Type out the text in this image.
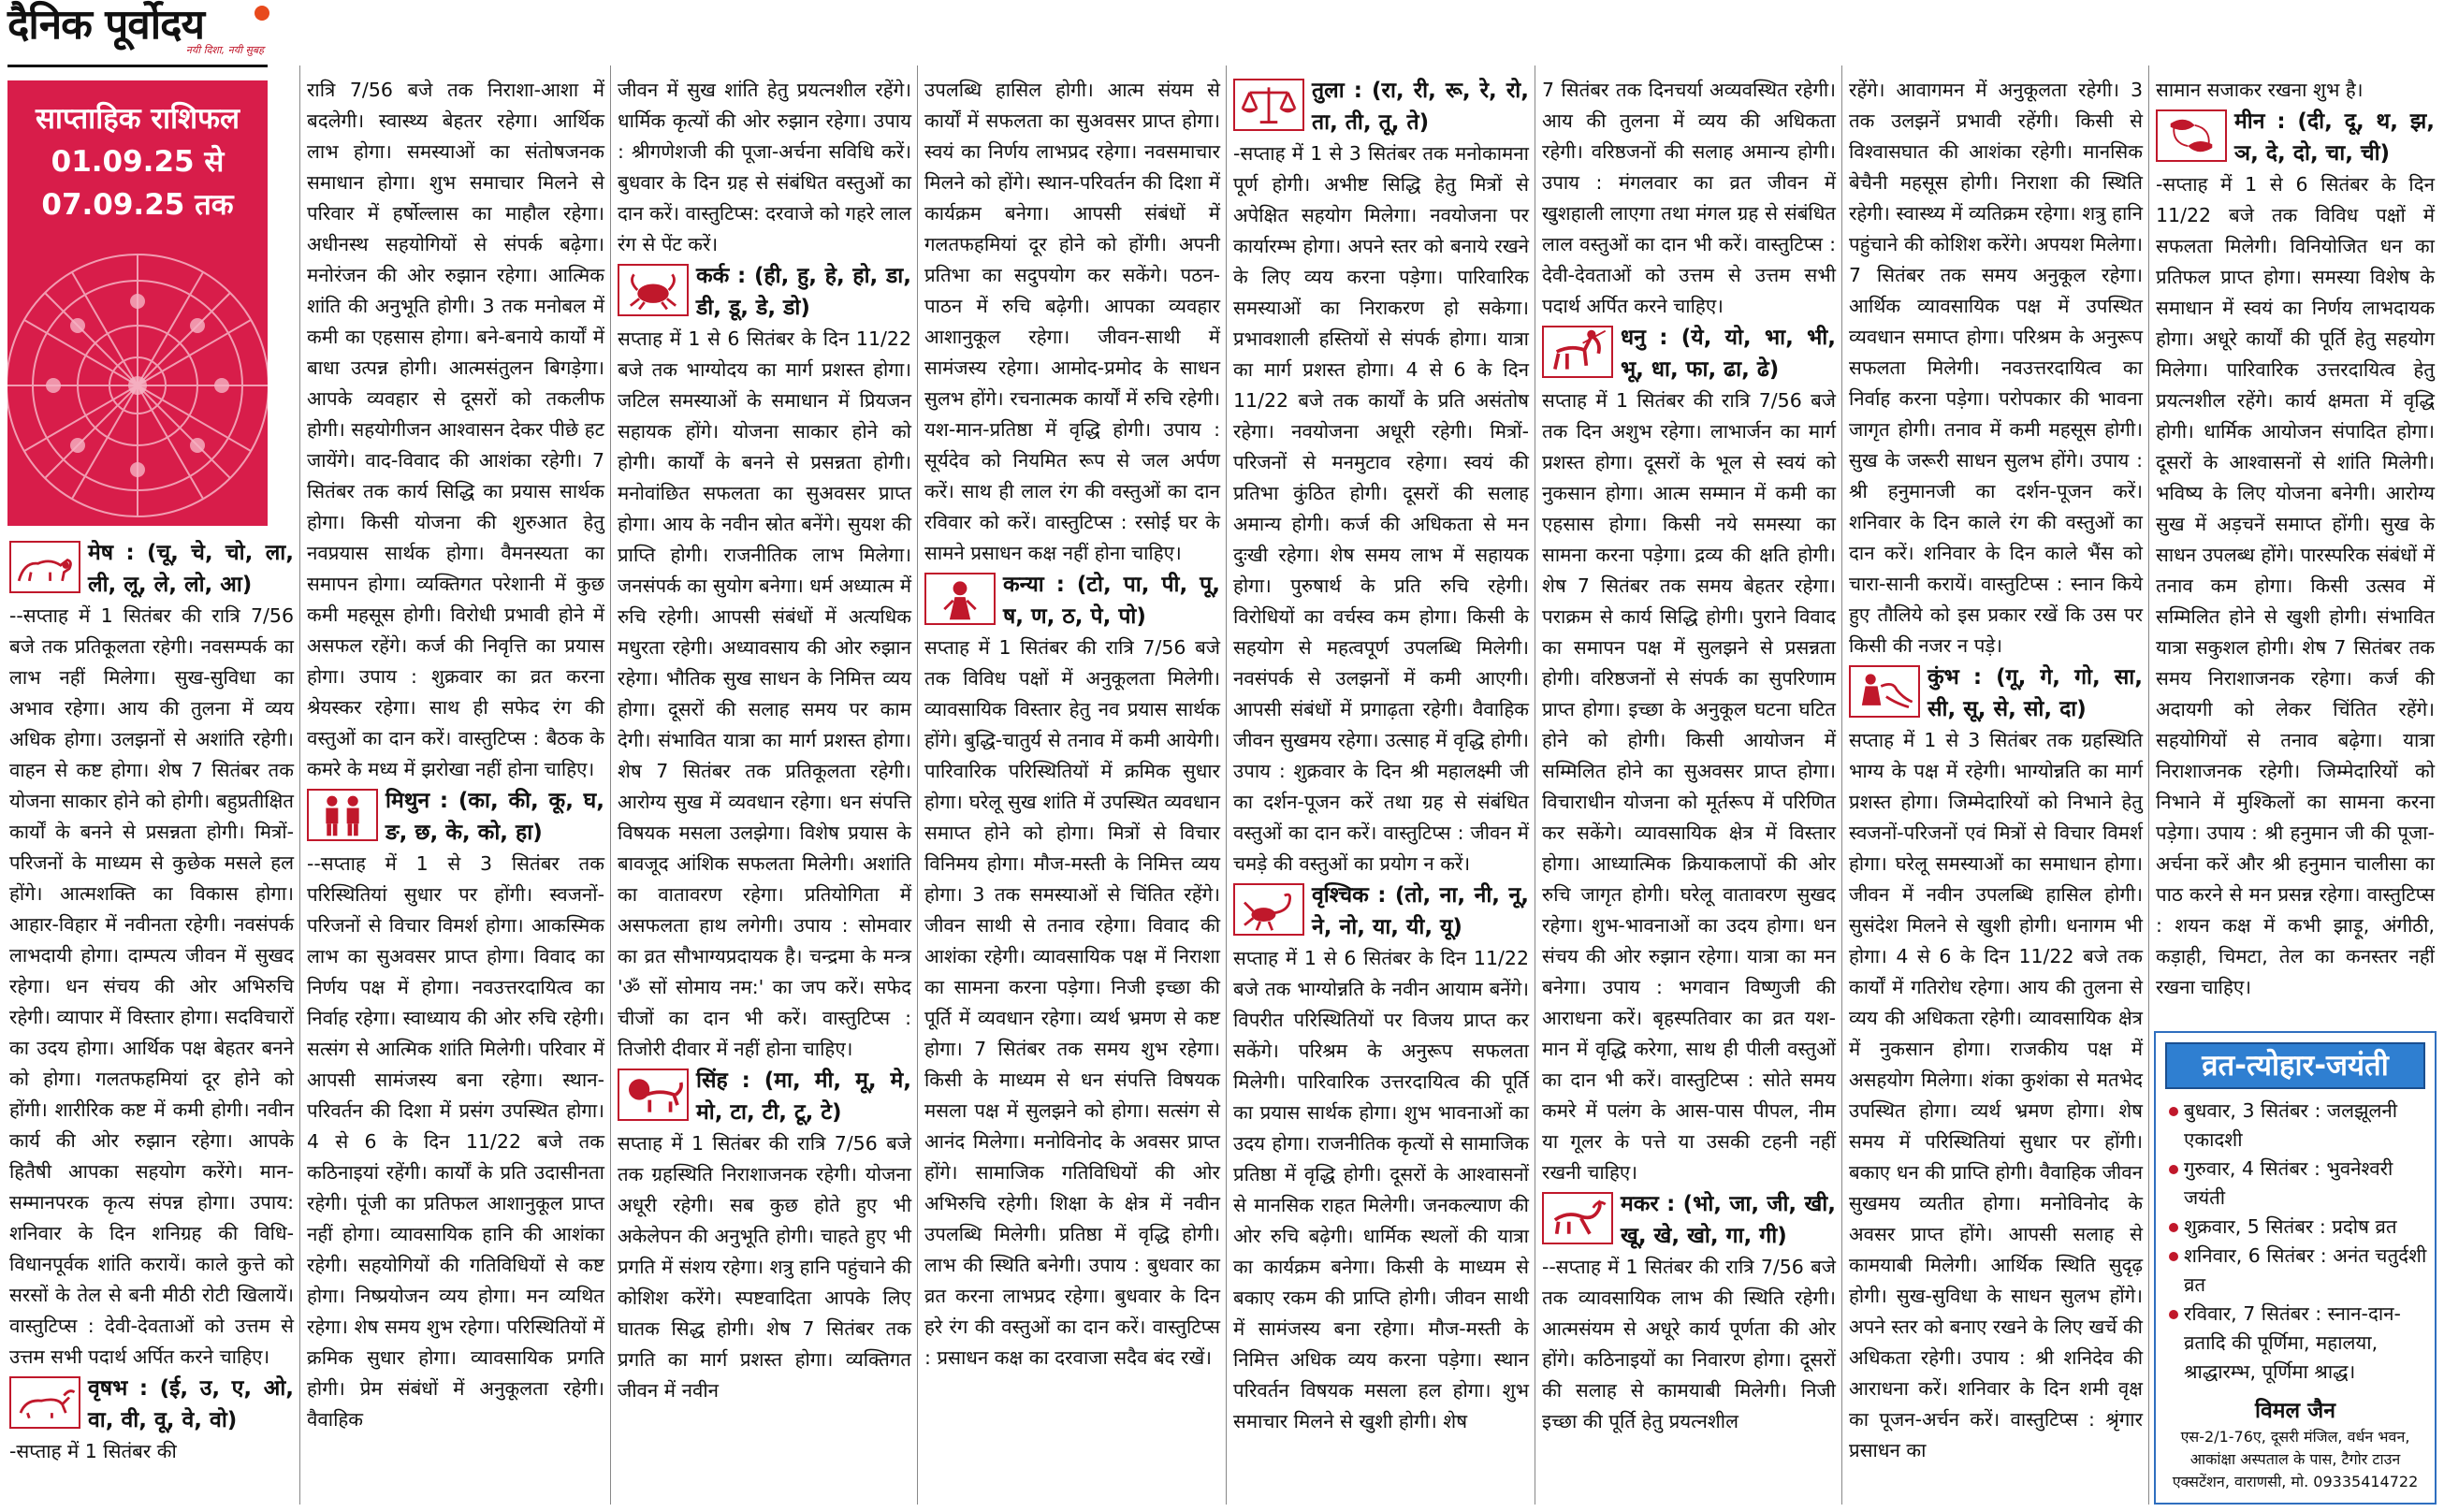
दैनिक पूर्वोदय
नयी दिशा, नयी सुबह
साप्ताहिक राशिफल
01.09.25 से
07.09.25 तक
मेष : (चू, चे, चो, ला, ली, लू, ले, लो, आ)

--सप्ताह में 1 सितंबर की रात्रि 7/56 बजे तक प्रतिकूलता रहेगी। नवसम्पर्क का लाभ नहीं मिलेगा। सुख-सुविधा का अभाव रहेगा। आय की तुलना में व्यय अधिक होगा। उलझनों से अशांति रहेगी। वाहन से कष्ट होगा। शेष 7 सितंबर तक योजना साकार होने को होगी। बहुप्रतीक्षित कार्यों के बनने से प्रसन्नता होगी। मित्रों-परिजनों के माध्यम से कुछेक मसले हल होंगे। आत्मशक्ति का विकास होगा। आहार-विहार में नवीनता रहेगी। नवसंपर्क लाभदायी होगा। दाम्पत्य जीवन में सुखद रहेगा। धन संचय की ओर अभिरुचि रहेगी। व्यापार में विस्तार होगा। सदविचारों का उदय होगा। आर्थिक पक्ष बेहतर बनने को होगा। गलतफहमियां दूर होने को होंगी। शारीरिक कष्ट में कमी होगी। नवीन कार्य की ओर रुझान रहेगा। आपके हितैषी आपका सहयोग करेंगे। मान-सम्मानपरक कृत्य संपन्न होगा। उपाय: शनिवार के दिन शनिग्रह की विधि-विधानपूर्वक शांति करायें। काले कुत्ते को सरसों के तेल से बनी मीठी रोटी खिलायें। वास्तुटिप्स : देवी-देवताओं को उत्तम से उत्तम सभी पदार्थ अर्पित करने चाहिए।

वृषभ : (ई, उ, ए, ओ, वा, वी, वू, वे, वो)

-सप्ताह में 1 सितंबर की

रात्रि 7/56 बजे तक निराशा-आशा में बदलेगी। स्वास्थ्य बेहतर रहेगा। आर्थिक लाभ होगा। समस्याओं का संतोषजनक समाधान होगा। शुभ समाचार मिलने से परिवार में हर्षोल्लास का माहौल रहेगा। अधीनस्थ सहयोगियों से संपर्क बढ़ेगा। मनोरंजन की ओर रुझान रहेगा। आत्मिक शांति की अनुभूति होगी। 3 तक मनोबल में कमी का एहसास होगा। बने-बनाये कार्यों में बाधा उत्पन्न होगी। आत्मसंतुलन बिगड़ेगा। आपके व्यवहार से दूसरों को तकलीफ होगी। सहयोगीजन आश्वासन देकर पीछे हट जायेंगे। वाद-विवाद की आशंका रहेगी। 7 सितंबर तक कार्य सिद्धि का प्रयास सार्थक होगा। किसी योजना की शुरुआत हेतु नवप्रयास सार्थक होगा। वैमनस्यता का समापन होगा। व्यक्तिगत परेशानी में कुछ कमी महसूस होगी। विरोधी प्रभावी होने में असफल रहेंगे। कर्ज की निवृत्ति का प्रयास होगा। उपाय : शुक्रवार का व्रत करना श्रेयस्कर रहेगा। साथ ही सफेद रंग की वस्तुओं का दान करें। वास्तुटिप्स : बैठक के कमरे के मध्य में झरोखा नहीं होना चाहिए।

मिथुन : (का, की, कू, घ, ङ, छ, के, को, हा)

--सप्ताह में 1 से 3 सितंबर तक परिस्थितियां सुधार पर होंगी। स्वजनों-परिजनों से विचार विमर्श होगा। आकस्मिक लाभ का सुअवसर प्राप्त होगा। विवाद का निर्णय पक्ष में होगा। नवउत्तरदायित्व का निर्वाह रहेगा। स्वाध्याय की ओर रुचि रहेगी। सत्संग से आत्मिक शांति मिलेगी। परिवार में आपसी सामंजस्य बना रहेगा। स्थान-परिवर्तन की दिशा में प्रसंग उपस्थित होगा। 4 से 6 के दिन 11/22 बजे तक कठिनाइयां रहेंगी। कार्यों के प्रति उदासीनता रहेगी। पूंजी का प्रतिफल आशानुकूल प्राप्त नहीं होगा। व्यावसायिक हानि की आशंका रहेगी। सहयोगियों की गतिविधियों से कष्ट होगा। निष्प्रयोजन व्यय होगा। मन व्यथित रहेगा। शेष समय शुभ रहेगा। परिस्थितियों में क्रमिक सुधार होगा। व्यावसायिक प्रगति होगी। प्रेम संबंधों में अनुकूलता रहेगी। वैवाहिक

जीवन में सुख शांति हेतु प्रयत्नशील रहेंगे। धार्मिक कृत्यों की ओर रुझान रहेगा। उपाय : श्रीगणेशजी की पूजा-अर्चना सविधि करें। बुधवार के दिन ग्रह से संबंधित वस्तुओं का दान करें। वास्तुटिप्स: दरवाजे को गहरे लाल रंग से पेंट करें।

कर्क : (ही, हु, हे, हो, डा, डी, डू, डे, डो)

सप्ताह में 1 से 6 सितंबर के दिन 11/22 बजे तक भाग्योदय का मार्ग प्रशस्त होगा। जटिल समस्याओं के समाधान में प्रियजन सहायक होंगे। योजना साकार होने को होगी। कार्यों के बनने से प्रसन्नता होगी। मनोवांछित सफलता का सुअवसर प्राप्त होगा। आय के नवीन स्रोत बनेंगे। सुयश की प्राप्ति होगी। राजनीतिक लाभ मिलेगा। जनसंपर्क का सुयोग बनेगा। धर्म अध्यात्म में रुचि रहेगी। आपसी संबंधों में अत्यधिक मधुरता रहेगी। अध्यावसाय की ओर रुझान रहेगा। भौतिक सुख साधन के निमित्त व्यय होगा। दूसरों की सलाह समय पर काम देगी। संभावित यात्रा का मार्ग प्रशस्त होगा। शेष 7 सितंबर तक प्रतिकूलता रहेगी। आरोग्य सुख में व्यवधान रहेगा। धन संपत्ति विषयक मसला उलझेगा। विशेष प्रयास के बावजूद आंशिक सफलता मिलेगी। अशांति का वातावरण रहेगा। प्रतियोगिता में असफलता हाथ लगेगी। उपाय : सोमवार का व्रत सौभाग्यप्रदायक है। चन्द्रमा के मन्त्र 'ॐ सों सोमाय नम:' का जप करें। सफेद चीजों का दान भी करें। वास्तुटिप्स : तिजोरी दीवार में नहीं होना चाहिए।

सिंह : (मा, मी, मू, मे, मो, टा, टी, टू, टे)

सप्ताह में 1 सितंबर की रात्रि 7/56 बजे तक ग्रहस्थिति निराशाजनक रहेगी। योजना अधूरी रहेगी। सब कुछ होते हुए भी अकेलेपन की अनुभूति होगी। चाहते हुए भी प्रगति में संशय रहेगा। शत्रु हानि पहुंचाने की कोशिश करेंगे। स्पष्टवादिता आपके लिए घातक सिद्ध होगी। शेष 7 सितंबर तक प्रगति का मार्ग प्रशस्त होगा। व्यक्तिगत जीवन में नवीन

उपलब्धि हासिल होगी। आत्म संयम से कार्यों में सफलता का सुअवसर प्राप्त होगा। स्वयं का निर्णय लाभप्रद रहेगा। नवसमाचार मिलने को होंगे। स्थान-परिवर्तन की दिशा में कार्यक्रम बनेगा। आपसी संबंधों में गलतफहमियां दूर होने को होंगी। अपनी प्रतिभा का सदुपयोग कर सकेंगे। पठन-पाठन में रुचि बढ़ेगी। आपका व्यवहार आशानुकूल रहेगा। जीवन-साथी में सामंजस्य रहेगा। आमोद-प्रमोद के साधन सुलभ होंगे। रचनात्मक कार्यों में रुचि रहेगी। यश-मान-प्रतिष्ठा में वृद्धि होगी। उपाय : सूर्यदेव को नियमित रूप से जल अर्पण करें। साथ ही लाल रंग की वस्तुओं का दान रविवार को करें। वास्तुटिप्स : रसोई घर के सामने प्रसाधन कक्ष नहीं होना चाहिए।

कन्या : (टो, पा, पी, पू, ष, ण, ठ, पे, पो)

सप्ताह में 1 सितंबर की रात्रि 7/56 बजे तक विविध पक्षों में अनुकूलता मिलेगी। व्यावसायिक विस्तार हेतु नव प्रयास सार्थक होंगे। बुद्धि-चातुर्य से तनाव में कमी आयेगी। पारिवारिक परिस्थितियों में क्रमिक सुधार होगा। घरेलू सुख शांति में उपस्थित व्यवधान समाप्त होने को होगा। मित्रों से विचार विनिमय होगा। मौज-मस्ती के निमित्त व्यय होगा। 3 तक समस्याओं से चिंतित रहेंगे। जीवन साथी से तनाव रहेगा। विवाद की आशंका रहेगी। व्यावसायिक पक्ष में निराशा का सामना करना पड़ेगा। निजी इच्छा की पूर्ति में व्यवधान रहेगा। व्यर्थ भ्रमण से कष्ट होगा। 7 सितंबर तक समय शुभ रहेगा। किसी के माध्यम से धन संपत्ति विषयक मसला पक्ष में सुलझने को होगा। सत्संग से आनंद मिलेगा। मनोविनोद के अवसर प्राप्त होंगे। सामाजिक गतिविधियों की ओर अभिरुचि रहेगी। शिक्षा के क्षेत्र में नवीन उपलब्धि मिलेगी। प्रतिष्ठा में वृद्धि होगी। लाभ की स्थिति बनेगी। उपाय : बुधवार का व्रत करना लाभप्रद रहेगा। बुधवार के दिन हरे रंग की वस्तुओं का दान करें। वास्तुटिप्स : प्रसाधन कक्ष का दरवाजा सदैव बंद रखें।

तुला : (रा, री, रू, रे, रो, ता, ती, तू, ते)

-सप्ताह में 1 से 3 सितंबर तक मनोकामना पूर्ण होगी। अभीष्ट सिद्धि हेतु मित्रों से अपेक्षित सहयोग मिलेगा। नवयोजना पर कार्यारम्भ होगा। अपने स्तर को बनाये रखने के लिए व्यय करना पड़ेगा। पारिवारिक समस्याओं का निराकरण हो सकेगा। प्रभावशाली हस्तियों से संपर्क होगा। यात्रा का मार्ग प्रशस्त होगा। 4 से 6 के दिन 11/22 बजे तक कार्यों के प्रति असंतोष रहेगा। नवयोजना अधूरी रहेगी। मित्रों-परिजनों से मनमुटाव रहेगा। स्वयं की प्रतिभा कुंठित होगी। दूसरों की सलाह अमान्य होगी। कर्ज की अधिकता से मन दुःखी रहेगा। शेष समय लाभ में सहायक होगा। पुरुषार्थ के प्रति रुचि रहेगी। विरोधियों का वर्चस्व कम होगा। किसी के सहयोग से महत्वपूर्ण उपलब्धि मिलेगी। नवसंपर्क से उलझनों में कमी आएगी। आपसी संबंधों में प्रगाढ़ता रहेगी। वैवाहिक जीवन सुखमय रहेगा। उत्साह में वृद्धि होगी। उपाय : शुक्रवार के दिन श्री महालक्ष्मी जी का दर्शन-पूजन करें तथा ग्रह से संबंधित वस्तुओं का दान करें। वास्तुटिप्स : जीवन में चमड़े की वस्तुओं का प्रयोग न करें।

वृश्चिक : (तो, ना, नी, नू, ने, नो, या, यी, यू)

सप्ताह में 1 से 6 सितंबर के दिन 11/22 बजे तक भाग्योन्नति के नवीन आयाम बनेंगे। विपरीत परिस्थितियों पर विजय प्राप्त कर सकेंगे। परिश्रम के अनुरूप सफलता मिलेगी। पारिवारिक उत्तरदायित्व की पूर्ति का प्रयास सार्थक होगा। शुभ भावनाओं का उदय होगा। राजनीतिक कृत्यों से सामाजिक प्रतिष्ठा में वृद्धि होगी। दूसरों के आश्वासनों से मानसिक राहत मिलेगी। जनकल्याण की ओर रुचि बढ़ेगी। धार्मिक स्थलों की यात्रा का कार्यक्रम बनेगा। किसी के माध्यम से बकाए रकम की प्राप्ति होगी। जीवन साथी में सामंजस्य बना रहेगा। मौज-मस्ती के निमित्त अधिक व्यय करना पड़ेगा। स्थान परिवर्तन विषयक मसला हल होगा। शुभ समाचार मिलने से खुशी होगी। शेष

7 सितंबर तक दिनचर्या अव्यवस्थित रहेगी। आय की तुलना में व्यय की अधिकता रहेगी। वरिष्ठजनों की सलाह अमान्य होगी। उपाय : मंगलवार का व्रत जीवन में खुशहाली लाएगा तथा मंगल ग्रह से संबंधित लाल वस्तुओं का दान भी करें। वास्तुटिप्स : देवी-देवताओं को उत्तम से उत्तम सभी पदार्थ अर्पित करने चाहिए।

धनु : (ये, यो, भा, भी, भू, धा, फा, ढा, ढे)

सप्ताह में 1 सितंबर की रात्रि 7/56 बजे तक दिन अशुभ रहेगा। लाभार्जन का मार्ग प्रशस्त होगा। दूसरों के भूल से स्वयं को नुकसान होगा। आत्म सम्मान में कमी का एहसास होगा। किसी नये समस्या का सामना करना पड़ेगा। द्रव्य की क्षति होगी। शेष 7 सितंबर तक समय बेहतर रहेगा। पराक्रम से कार्य सिद्धि होगी। पुराने विवाद का समापन पक्ष में सुलझने से प्रसन्नता होगी। वरिष्ठजनों से संपर्क का सुपरिणाम प्राप्त होगा। इच्छा के अनुकूल घटना घटित होने को होगी। किसी आयोजन में सम्मिलित होने का सुअवसर प्राप्त होगा। विचाराधीन योजना को मूर्तरूप में परिणित कर सकेंगे। व्यावसायिक क्षेत्र में विस्तार होगा। आध्यात्मिक क्रियाकलापों की ओर रुचि जागृत होगी। घरेलू वातावरण सुखद रहेगा। शुभ-भावनाओं का उदय होगा। धन संचय की ओर रुझान रहेगा। यात्रा का मन बनेगा। उपाय : भगवान विष्णुजी की आराधना करें। बृहस्पतिवार का व्रत यश-मान में वृद्धि करेगा, साथ ही पीली वस्तुओं का दान भी करें। वास्तुटिप्स : सोते समय कमरे में पलंग के आस-पास पीपल, नीम या गूलर के पत्ते या उसकी टहनी नहीं रखनी चाहिए।

मकर : (भो, जा, जी, खी, खू, खे, खो, गा, गी)

--सप्ताह में 1 सितंबर की रात्रि 7/56 बजे तक व्यावसायिक लाभ की स्थिति रहेगी। आत्मसंयम से अधूरे कार्य पूर्णता की ओर होंगे। कठिनाइयों का निवारण होगा। दूसरों की सलाह से कामयाबी मिलेगी। निजी इच्छा की पूर्ति हेतु प्रयत्नशील

रहेंगे। आवागमन में अनुकूलता रहेगी। 3 तक उलझनें प्रभावी रहेंगी। किसी से विश्वासघात की आशंका रहेगी। मानसिक बेचैनी महसूस होगी। निराशा की स्थिति रहेगी। स्वास्थ्य में व्यतिक्रम रहेगा। शत्रु हानि पहुंचाने की कोशिश करेंगे। अपयश मिलेगा। 7 सितंबर तक समय अनुकूल रहेगा। आर्थिक व्यावसायिक पक्ष में उपस्थित व्यवधान समाप्त होगा। परिश्रम के अनुरूप सफलता मिलेगी। नवउत्तरदायित्व का निर्वाह करना पड़ेगा। परोपकार की भावना जागृत होगी। तनाव में कमी महसूस होगी। सुख के जरूरी साधन सुलभ होंगे। उपाय : श्री हनुमानजी का दर्शन-पूजन करें। शनिवार के दिन काले रंग की वस्तुओं का दान करें। शनिवार के दिन काले भैंस को चारा-सानी करायें। वास्तुटिप्स : स्नान किये हुए तौलिये को इस प्रकार रखें कि उस पर किसी की नजर न पड़े।

कुंभ : (गू, गे, गो, सा, सी, सू, से, सो, दा)

सप्ताह में 1 से 3 सितंबर तक ग्रहस्थिति भाग्य के पक्ष में रहेगी। भाग्योन्नति का मार्ग प्रशस्त होगा। जिम्मेदारियों को निभाने हेतु स्वजनों-परिजनों एवं मित्रों से विचार विमर्श होगा। घरेलू समस्याओं का समाधान होगा। जीवन में नवीन उपलब्धि हासिल होगी। सुसंदेश मिलने से खुशी होगी। धनागम भी होगा। 4 से 6 के दिन 11/22 बजे तक कार्यों में गतिरोध रहेगा। आय की तुलना से व्यय की अधिकता रहेगी। व्यावसायिक क्षेत्र में नुकसान होगा। राजकीय पक्ष में असहयोग मिलेगा। शंका कुशंका से मतभेद उपस्थित होगा। व्यर्थ भ्रमण होगा। शेष समय में परिस्थितियां सुधार पर होंगी। बकाए धन की प्राप्ति होगी। वैवाहिक जीवन सुखमय व्यतीत होगा। मनोविनोद के अवसर प्राप्त होंगे। आपसी सलाह से कामयाबी मिलेगी। आर्थिक स्थिति सुदृढ़ होगी। सुख-सुविधा के साधन सुलभ होंगे। अपने स्तर को बनाए रखने के लिए खर्चे की अधिकता रहेगी। उपाय : श्री शनिदेव की आराधना करें। शनिवार के दिन शमी वृक्ष का पूजन-अर्चन करें। वास्तुटिप्स : श्रृंगार प्रसाधन का

सामान सजाकर रखना शुभ है।

मीन : (दी, दू, थ, झ, ञ, दे, दो, चा, ची)

-सप्ताह में 1 से 6 सितंबर के दिन 11/22 बजे तक विविध पक्षों में सफलता मिलेगी। विनियोजित धन का प्रतिफल प्राप्त होगा। समस्या विशेष के समाधान में स्वयं का निर्णय लाभदायक होगा। अधूरे कार्यों की पूर्ति हेतु सहयोग मिलेगा। पारिवारिक उत्तरदायित्व हेतु प्रयत्नशील रहेंगे। कार्य क्षमता में वृद्धि होगी। धार्मिक आयोजन संपादित होगा। दूसरों के आश्वासनों से शांति मिलेगी। भविष्य के लिए योजना बनेगी। आरोग्य सुख में अड़चनें समाप्त होंगी। सुख के साधन उपलब्ध होंगे। पारस्परिक संबंधों में तनाव कम होगा। किसी उत्सव में सम्मिलित होने से खुशी होगी। संभावित यात्रा सकुशल होगी। शेष 7 सितंबर तक समय निराशाजनक रहेगा। कर्ज की अदायगी को लेकर चिंतित रहेंगे। सहयोगियों से तनाव बढ़ेगा। यात्रा निराशाजनक रहेगी। जिम्मेदारियों को निभाने में मुश्किलों का सामना करना पड़ेगा। उपाय : श्री हनुमान जी की पूजा-अर्चना करें और श्री हनुमान चालीसा का पाठ करने से मन प्रसन्न रहेगा। वास्तुटिप्स : शयन कक्ष में कभी झाड़ू, अंगीठी, कड़ाही, चिमटा, तेल का कनस्तर नहीं रखना चाहिए।

व्रत-त्योहार-जयंती
बुधवार, 3 सितंबर : जलझूलनी एकादशी
गुरुवार, 4 सितंबर : भुवनेश्वरी जयंती
शुक्रवार, 5 सितंबर : प्रदोष व्रत
शनिवार, 6 सितंबर : अनंत चतुर्दशी व्रत
रविवार, 7 सितंबर : स्नान-दान-व्रतादि की पूर्णिमा, महालया, श्राद्धारम्भ, पूर्णिमा श्राद्ध।
विमल जैन
एस-2/1-76ए, दूसरी मंजिल, वर्धन भवन, आकांक्षा अस्पताल के पास, टैगोर टाउन एक्सटेंशन, वाराणसी, मो. 09335414722
